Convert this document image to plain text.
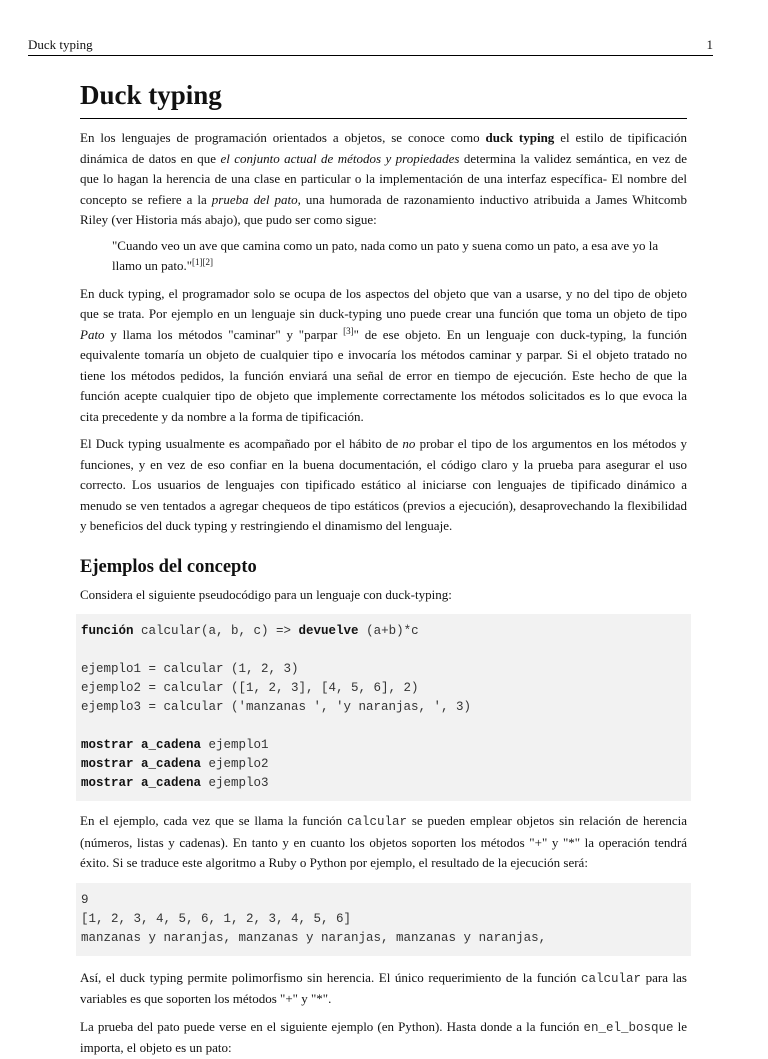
Duck typing	1
Duck typing

En los lenguajes de programación orientados a objetos, se conoce como duck typing el estilo de tipificación dinámica de datos en que el conjunto actual de métodos y propiedades determina la validez semántica, en vez de que lo hagan la herencia de una clase en particular o la implementación de una interfaz específica- El nombre del concepto se refiere a la prueba del pato, una humorada de razonamiento inductivo atribuida a James Whitcomb Riley (ver Historia más abajo), que pudo ser como sigue:

"Cuando veo un ave que camina como un pato, nada como un pato y suena como un pato, a esa ave yo la llamo un pato."[1][2]

En duck typing, el programador solo se ocupa de los aspectos del objeto que van a usarse, y no del tipo de objeto que se trata. Por ejemplo en un lenguaje sin duck-typing uno puede crear una función que toma un objeto de tipo Pato y llama los métodos "caminar" y "parpar [3]" de ese objeto. En un lenguaje con duck-typing, la función equivalente tomaría un objeto de cualquier tipo e invocaría los métodos caminar y parpar. Si el objeto tratado no tiene los métodos pedidos, la función enviará una señal de error en tiempo de ejecución. Este hecho de que la función acepte cualquier tipo de objeto que implemente correctamente los métodos solicitados es lo que evoca la cita precedente y da nombre a la forma de tipificación.

El Duck typing usualmente es acompañado por el hábito de no probar el tipo de los argumentos en los métodos y funciones, y en vez de eso confiar en la buena documentación, el código claro y la prueba para asegurar el uso correcto. Los usuarios de lenguajes con tipificado estático al iniciarse con lenguajes de tipificado dinámico a menudo se ven tentados a agregar chequeos de tipo estáticos (previos a ejecución), desaprovechando la flexibilidad y beneficios del duck typing y restringiendo el dinamismo del lenguaje.

Ejemplos del concepto

Considera el siguiente pseudocódigo para un lenguaje con duck-typing:

función calcular(a, b, c) => devuelve (a+b)*c
ejemplo1 = calcular (1, 2, 3)
ejemplo2 = calcular ([1, 2, 3], [4, 5, 6], 2)
ejemplo3 = calcular ('manzanas ', 'y naranjas, ', 3)
mostrar a_cadena ejemplo1
mostrar a_cadena ejemplo2
mostrar a_cadena ejemplo3

En el ejemplo, cada vez que se llama la función calcular se pueden emplear objetos sin relación de herencia (números, listas y cadenas). En tanto y en cuanto los objetos soporten los métodos "+" y "*" la operación tendrá éxito. Si se traduce este algoritmo a Ruby o Python por ejemplo, el resultado de la ejecución será:

9
[1, 2, 3, 4, 5, 6, 1, 2, 3, 4, 5, 6]
manzanas y naranjas, manzanas y naranjas, manzanas y naranjas,

Así, el duck typing permite polimorfismo sin herencia. El único requerimiento de la función calcular para las variables es que soporten los métodos "+" y "*".

La prueba del pato puede verse en el siguiente ejemplo (en Python). Hasta donde a la función en_el_bosque le importa, el objeto es un pato:
